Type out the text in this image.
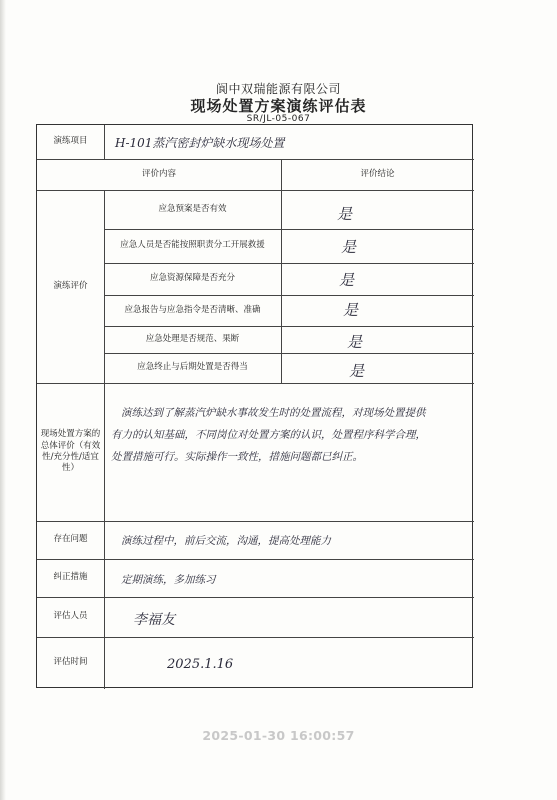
阆中双瑞能源有限公司
现场处置方案演练评估表
SR/JL-05-067
演练项目	H-101蒸汽密封炉缺水现场处置
评价内容	评价结论
演练评价
应急预案是否有效	是
应急人员是否能按照职责分工开展救援	是
应急资源保障是否充分	是
应急报告与应急指令是否清晰、准确	是
应急处理是否规范、果断	是
应急终止与后期处置是否得当	是
现场处置方案的总体评价（有效性/充分性/适宜性）
演练达到了解蒸汽炉缺水事故发生时的处置流程，对现场处置提供
有力的认知基础，不同岗位对处置方案的认识，处置程序科学合理，
处置措施可行。实际操作一致性，措施问题都已纠正。
存在问题	演练过程中，前后交流，沟通，提高处理能力
纠正措施	定期演练，多加练习
评估人员	李福友
评估时间	2025.1.16
2025-01-30 16:00:57
